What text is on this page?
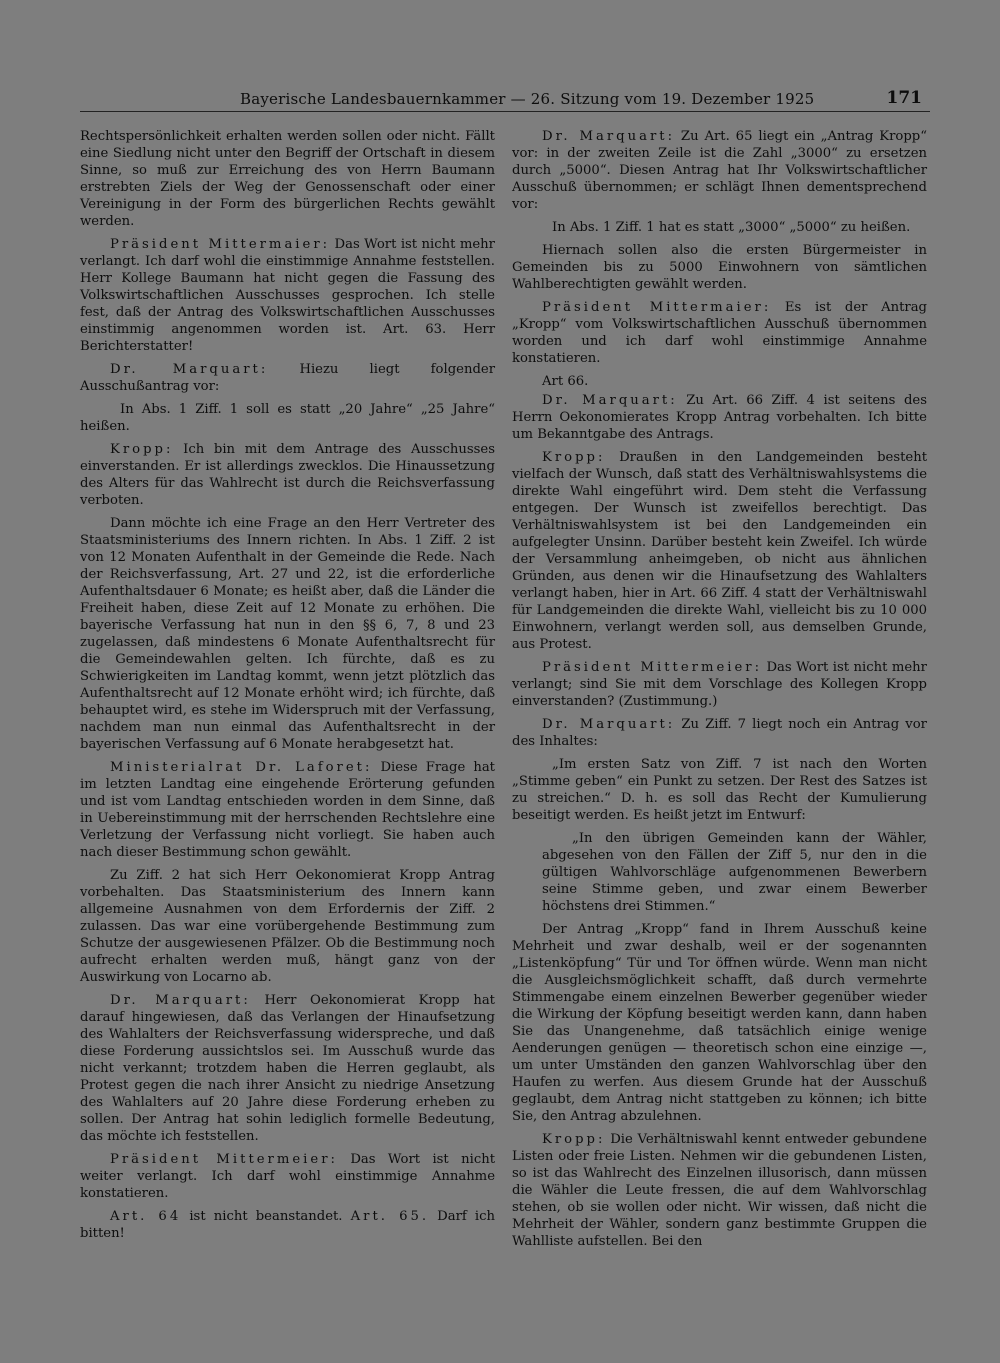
Bayerische Landesbauernkammer — 26. Sitzung vom 19. Dezember 1925	171

Rechtspersönlichkeit erhalten werden sollen oder nicht. Fällt eine Siedlung nicht unter den Begriff der Ortschaft in diesem Sinne, so muß zur Erreichung des von Herrn Baumann erstrebten Ziels der Weg der Genossenschaft oder einer Vereinigung in der Form des bürgerlichen Rechts gewählt werden.

Präsident Mittermaier: Das Wort ist nicht mehr verlangt. Ich darf wohl die einstimmige Annahme feststellen. Herr Kollege Baumann hat nicht gegen die Fassung des Volkswirtschaftlichen Ausschusses gesprochen. Ich stelle fest, daß der Antrag des Volkswirtschaftlichen Ausschusses einstimmig angenommen worden ist. Art. 63. Herr Berichterstatter!

Dr. Marquart: Hiezu liegt folgender Ausschußantrag vor:

In Abs. 1 Ziff. 1 soll es statt „20 Jahre“ „25 Jahre“ heißen.

Kropp: Ich bin mit dem Antrage des Ausschusses einverstanden. Er ist allerdings zwecklos. Die Hinaussetzung des Alters für das Wahlrecht ist durch die Reichsverfassung verboten.

Dann möchte ich eine Frage an den Herr Vertreter des Staatsministeriums des Innern richten. In Abs. 1 Ziff. 2 ist von 12 Monaten Aufenthalt in der Gemeinde die Rede. Nach der Reichsverfassung, Art. 27 und 22, ist die erforderliche Aufenthaltsdauer 6 Monate; es heißt aber, daß die Länder die Freiheit haben, diese Zeit auf 12 Monate zu erhöhen. Die bayerische Verfassung hat nun in den §§ 6, 7, 8 und 23 zugelassen, daß mindestens 6 Monate Aufenthaltsrecht für die Gemeindewahlen gelten. Ich fürchte, daß es zu Schwierigkeiten im Landtag kommt, wenn jetzt plötzlich das Aufenthaltsrecht auf 12 Monate erhöht wird; ich fürchte, daß behauptet wird, es stehe im Widerspruch mit der Verfassung, nachdem man nun einmal das Aufenthaltsrecht in der bayerischen Verfassung auf 6 Monate herabgesetzt hat.

Ministerialrat Dr. Laforet: Diese Frage hat im letzten Landtag eine eingehende Erörterung gefunden und ist vom Landtag entschieden worden in dem Sinne, daß in Uebereinstimmung mit der herrschenden Rechtslehre eine Verletzung der Verfassung nicht vorliegt. Sie haben auch nach dieser Bestimmung schon gewählt.

Zu Ziff. 2 hat sich Herr Oekonomierat Kropp Antrag vorbehalten. Das Staatsministerium des Innern kann allgemeine Ausnahmen von dem Erfordernis der Ziff. 2 zulassen. Das war eine vorübergehende Bestimmung zum Schutze der ausgewiesenen Pfälzer. Ob die Bestimmung noch aufrecht erhalten werden muß, hängt ganz von der Auswirkung von Locarno ab.

Dr. Marquart: Herr Oekonomierat Kropp hat darauf hingewiesen, daß das Verlangen der Hinaufsetzung des Wahlalters der Reichsverfassung widerspreche, und daß diese Forderung aussichtslos sei. Im Ausschuß wurde das nicht verkannt; trotzdem haben die Herren geglaubt, als Protest gegen die nach ihrer Ansicht zu niedrige Ansetzung des Wahlalters auf 20 Jahre diese Forderung erheben zu sollen. Der Antrag hat sohin lediglich formelle Bedeutung, das möchte ich feststellen.

Präsident Mittermeier: Das Wort ist nicht weiter verlangt. Ich darf wohl einstimmige Annahme konstatieren.

Art. 64 ist nicht beanstandet. Art. 65. Darf ich bitten!

Dr. Marquart: Zu Art. 65 liegt ein „Antrag Kropp“ vor: in der zweiten Zeile ist die Zahl „3000“ zu ersetzen durch „5000“. Diesen Antrag hat Ihr Volkswirtschaftlicher Ausschuß übernommen; er schlägt Ihnen dementsprechend vor:

In Abs. 1 Ziff. 1 hat es statt „3000“ „5000“ zu heißen.

Hiernach sollen also die ersten Bürgermeister in Gemeinden bis zu 5000 Einwohnern von sämtlichen Wahlberechtigten gewählt werden.

Präsident Mittermaier: Es ist der Antrag „Kropp“ vom Volkswirtschaftlichen Ausschuß übernommen worden und ich darf wohl einstimmige Annahme konstatieren.

Art 66.

Dr. Marquart: Zu Art. 66 Ziff. 4 ist seitens des Herrn Oekonomierates Kropp Antrag vorbehalten. Ich bitte um Bekanntgabe des Antrags.

Kropp: Draußen in den Landgemeinden besteht vielfach der Wunsch, daß statt des Verhältniswahlsystems die direkte Wahl eingeführt wird. Dem steht die Verfassung entgegen. Der Wunsch ist zweifellos berechtigt. Das Verhältniswahlsystem ist bei den Landgemeinden ein aufgelegter Unsinn. Darüber besteht kein Zweifel. Ich würde der Versammlung anheimgeben, ob nicht aus ähnlichen Gründen, aus denen wir die Hinaufsetzung des Wahlalters verlangt haben, hier in Art. 66 Ziff. 4 statt der Verhältniswahl für Landgemeinden die direkte Wahl, vielleicht bis zu 10 000 Einwohnern, verlangt werden soll, aus demselben Grunde, aus Protest.

Präsident Mittermeier: Das Wort ist nicht mehr verlangt; sind Sie mit dem Vorschlage des Kollegen Kropp einverstanden? (Zustimmung.)

Dr. Marquart: Zu Ziff. 7 liegt noch ein Antrag vor des Inhaltes:

„Im ersten Satz von Ziff. 7 ist nach den Worten „Stimme geben“ ein Punkt zu setzen. Der Rest des Satzes ist zu streichen.“ D. h. es soll das Recht der Kumulierung beseitigt werden. Es heißt jetzt im Entwurf:

„In den übrigen Gemeinden kann der Wähler, abgesehen von den Fällen der Ziff 5, nur den in die gültigen Wahlvorschläge aufgenommenen Bewerbern seine Stimme geben, und zwar einem Bewerber höchstens drei Stimmen.“

Der Antrag „Kropp“ fand in Ihrem Ausschuß keine Mehrheit und zwar deshalb, weil er der sogenannten „Listenköpfung“ Tür und Tor öffnen würde. Wenn man nicht die Ausgleichsmöglichkeit schafft, daß durch vermehrte Stimmengabe einem einzelnen Bewerber gegenüber wieder die Wirkung der Köpfung beseitigt werden kann, dann haben Sie das Unangenehme, daß tatsächlich einige wenige Aenderungen genügen — theoretisch schon eine einzige —, um unter Umständen den ganzen Wahlvorschlag über den Haufen zu werfen. Aus diesem Grunde hat der Ausschuß geglaubt, dem Antrag nicht stattgeben zu können; ich bitte Sie, den Antrag abzulehnen.

Kropp: Die Verhältniswahl kennt entweder gebundene Listen oder freie Listen. Nehmen wir die gebundenen Listen, so ist das Wahlrecht des Einzelnen illusorisch, dann müssen die Wähler die Leute fressen, die auf dem Wahlvorschlag stehen, ob sie wollen oder nicht. Wir wissen, daß nicht die Mehrheit der Wähler, sondern ganz bestimmte Gruppen die Wahlliste aufstellen. Bei den
